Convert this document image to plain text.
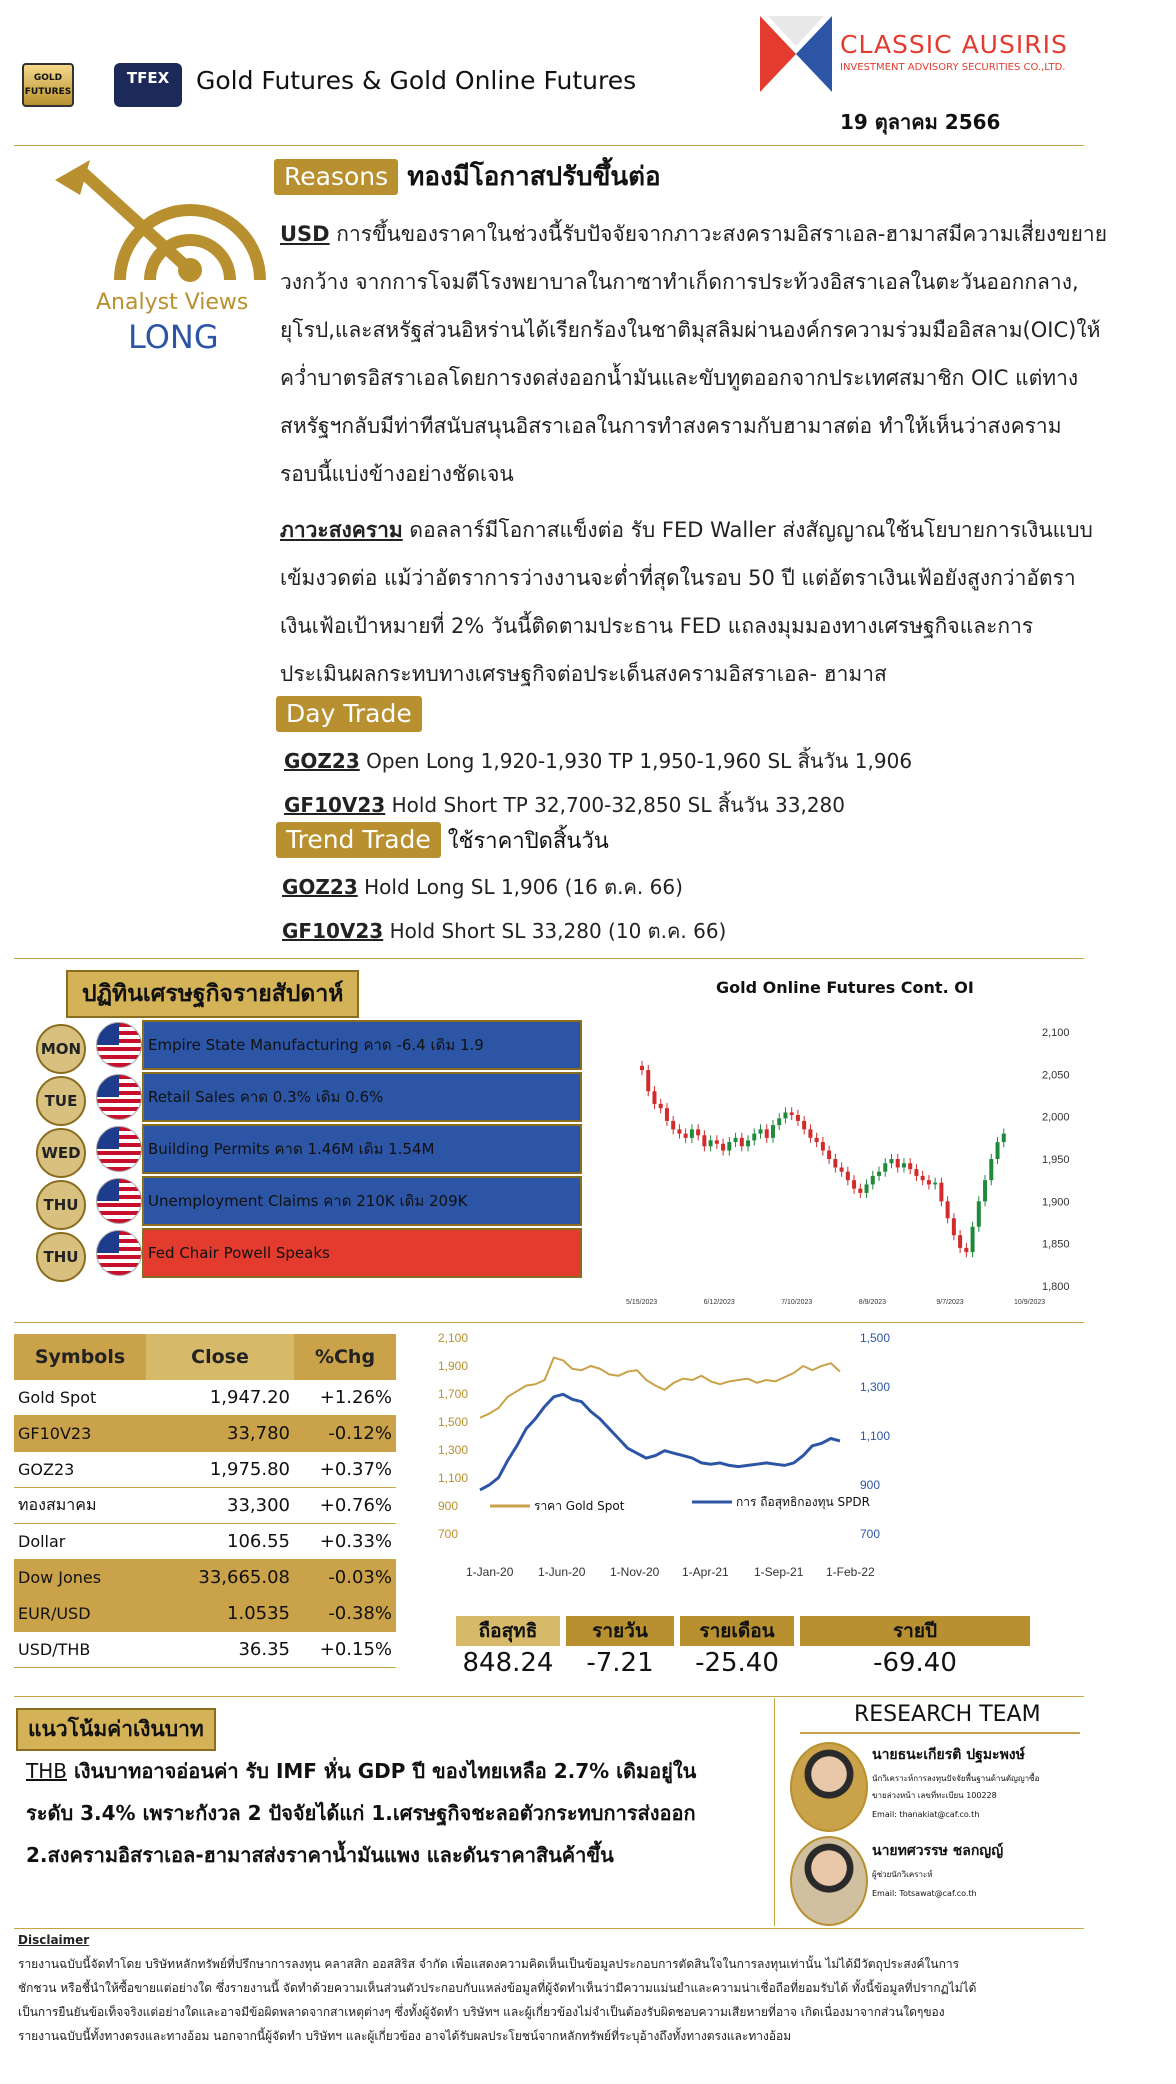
GOLD FUTURES
TFEX	Gold Futures & Gold Online Futures
CLASSIC AUSIRIS
INVESTMENT ADVISORY SECURITIES CO.,LTD.
19 ตุลาคม 2566
Analyst Views
LONG
Reasons ทองมีโอกาสปรับขึ้นต่อ
USD การขึ้นของราคาในช่วงนี้รับปัจจัยจากภาวะสงครามอิสราเอล-ฮามาสมีความเสี่ยงขยาย
วงกว้าง จากการโจมตีโรงพยาบาลในกาซาทำเก็ดการประท้วงอิสราเอลในตะวันออกกลาง,
ยุโรป,และสหรัฐส่วนอิหร่านได้เรียกร้องในชาติมุสลิมผ่านองค์กรความร่วมมืออิสลาม(OIC)ให้
คว่ำบาตรอิสราเอลโดยการงดส่งออกน้ำมันและขับทูตออกจากประเทศสมาชิก OIC แต่ทาง
สหรัฐฯกลับมีท่าทีสนับสนุนอิสราเอลในการทำสงครามกับฮามาสต่อ ทำให้เห็นว่าสงคราม
รอบนี้แบ่งข้างอย่างชัดเจน
ภาวะสงคราม ดอลลาร์มีโอกาสแข็งต่อ รับ FED Waller ส่งสัญญาณใช้นโยบายการเงินแบบ
เข้มงวดต่อ แม้ว่าอัตราการว่างงานจะต่ำที่สุดในรอบ 50 ปี แต่อัตราเงินเฟ้อยังสูงกว่าอัตรา
เงินเฟ้อเป้าหมายที่ 2% วันนี้ติดตามประธาน FED แถลงมุมมองทางเศรษฐกิจและการ
ประเมินผลกระทบทางเศรษฐกิจต่อประเด็นสงครามอิสราเอล- ฮามาส
Day Trade
GOZ23 Open Long 1,920-1,930 TP 1,950-1,960 SL สิ้นวัน 1,906
GF10V23 Hold Short TP 32,700-32,850 SL สิ้นวัน 33,280
Trend Trade ใช้ราคาปิดสิ้นวัน
GOZ23 Hold Long SL 1,906 (16 ต.ค. 66)
GF10V23 Hold Short SL 33,280 (10 ต.ค. 66)
ปฏิทินเศรษฐกิจรายสัปดาห์
MON	Empire State Manufacturing คาด -6.4 เดิม 1.9
TUE	Retail Sales คาด 0.3% เดิม 0.6%
WED	Building Permits คาด 1.46M เดิม 1.54M
THU	Unemployment Claims คาด 210K เดิม 209K
THU	Fed Chair Powell Speaks
Gold Online Futures Cont. OI
2,100
2,050
2,000
1,950
1,900
1,850
1,800
5/15/2023	6/12/2023	7/10/2023	8/9/2023	9/7/2023	10/9/2023
Symbols	Close	%Chg
Gold Spot	1,947.20	+1.26%
GF10V23	33,780	-0.12%
GOZ23	1,975.80	+0.37%
ทองสมาคม	33,300	+0.76%
Dollar	106.55	+0.33%
Dow Jones	33,665.08	-0.03%
EUR/USD	1.0535	-0.38%
USD/THB	36.35	+0.15%
2,100
1,900
1,700
1,500
1,300
1,100
900
700
1,500
1,300
1,100
900
700
1-Jan-20 1-Jun-20 1-Nov-20 1-Apr-21 1-Sep-21 1-Feb-22
ราคา Gold Spot	การ ถือสุทธิกองทุน SPDR
ถือสุทธิ	รายวัน	รายเดือน	รายปี
848.24	-7.21	-25.40	-69.40
แนวโน้มค่าเงินบาท
THB เงินบาทอาจอ่อนค่า รับ IMF หั่น GDP ปี ของไทยเหลือ 2.7% เดิมอยู่ใน
ระดับ 3.4% เพราะกังวล 2 ปัจจัยได้แก่ 1.เศรษฐกิจชะลอตัวกระทบการส่งออก
2.สงครามอิสราเอล-ฮามาสส่งราคาน้ำมันแพง และดันราคาสินค้าขึ้น
RESEARCH TEAM
นายธนะเกียรติ ปฐมะพงษ์
นักวิเคราะห์การลงทุนปัจจัยพื้นฐานด้านตัญญาซื้อ
ขายล่วงหน้า เลขที่ทะเบียน 100228
Email: thanakiat@caf.co.th
นายทศวรรษ ชลกญญ์
ผู้ช่วยนักวิเคราะห์
Email: Totsawat@caf.co.th
Disclaimer
รายงานฉบับนี้จัดทำโดย บริษัทหลักทรัพย์ที่ปรึกษาการลงทุน คลาสสิก ออสสิริส จำกัด เพื่อแสดงความคิดเห็นเป็นข้อมูลประกอบการตัดสินใจในการลงทุนเท่านั้น ไม่ได้มีวัตถุประสงค์ในการ
ชักชวน หรือชี้นำให้ซื้อขายแต่อย่างใด ซึ่งรายงานนี้ จัดทำด้วยความเห็นส่วนตัวประกอบกับแหล่งข้อมูลที่ผู้จัดทำเห็นว่ามีความแม่นยำและความน่าเชื่อถือที่ยอมรับได้ ทั้งนี้ข้อมูลที่ปรากฏไม่ได้
เป็นการยืนยันข้อเท็จจริงแต่อย่างใดและอาจมีข้อผิดพลาดจากสาเหตุต่างๆ ซึ่งทั้งผู้จัดทำ บริษัทฯ และผู้เกี่ยวข้องไม่จำเป็นต้องรับผิดชอบความเสียหายที่อาจ เกิดเนื่องมาจากส่วนใดๆของ
รายงานฉบับนี้ทั้งทางตรงและทางอ้อม นอกจากนี้ผู้จัดทำ บริษัทฯ และผู้เกี่ยวข้อง อาจได้รับผลประโยชน์จากหลักทรัพย์ที่ระบุอ้างถึงทั้งทางตรงและทางอ้อม
